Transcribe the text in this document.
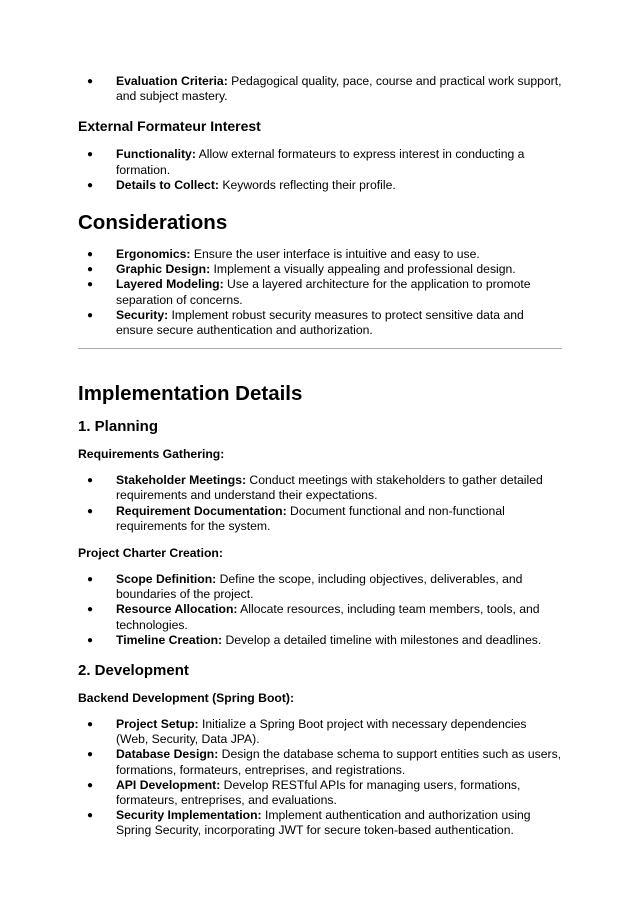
● Evaluation Criteria: Pedagogical quality, pace, course and practical work support, and subject mastery.
External Formateur Interest
● Functionality: Allow external formateurs to express interest in conducting a formation.
● Details to Collect: Keywords reflecting their profile.
Considerations
● Ergonomics: Ensure the user interface is intuitive and easy to use.
● Graphic Design: Implement a visually appealing and professional design.
● Layered Modeling: Use a layered architecture for the application to promote separation of concerns.
● Security: Implement robust security measures to protect sensitive data and ensure secure authentication and authorization.
Implementation Details
1. Planning
Requirements Gathering:
● Stakeholder Meetings: Conduct meetings with stakeholders to gather detailed requirements and understand their expectations.
● Requirement Documentation: Document functional and non-functional requirements for the system.
Project Charter Creation:
● Scope Definition: Define the scope, including objectives, deliverables, and boundaries of the project.
● Resource Allocation: Allocate resources, including team members, tools, and technologies.
● Timeline Creation: Develop a detailed timeline with milestones and deadlines.
2. Development
Backend Development (Spring Boot):
● Project Setup: Initialize a Spring Boot project with necessary dependencies (Web, Security, Data JPA).
● Database Design: Design the database schema to support entities such as users, formations, formateurs, entreprises, and registrations.
● API Development: Develop RESTful APIs for managing users, formations, formateurs, entreprises, and evaluations.
● Security Implementation: Implement authentication and authorization using Spring Security, incorporating JWT for secure token-based authentication.
